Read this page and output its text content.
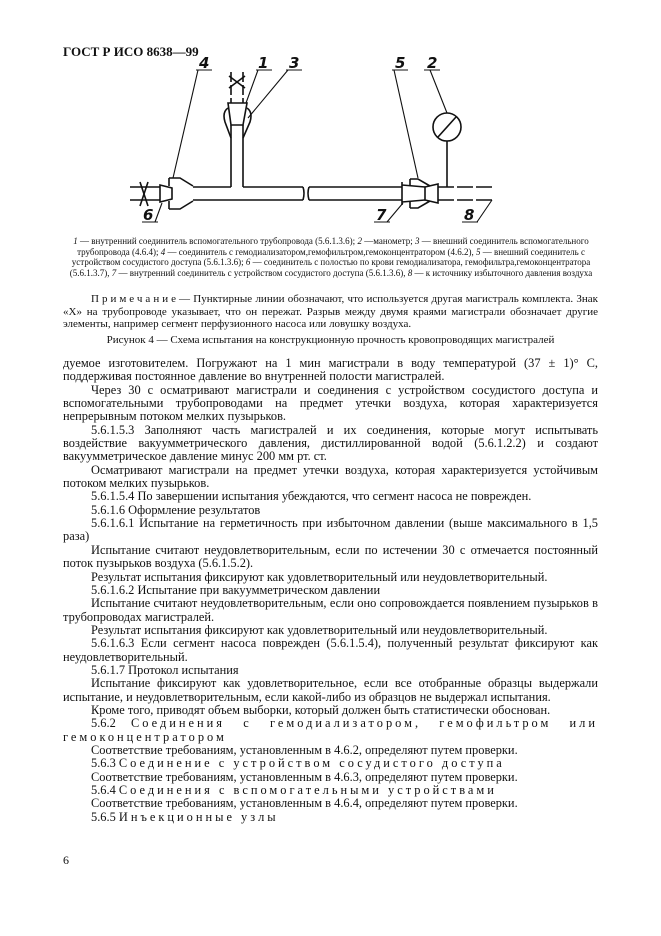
ГОСТ Р ИСО 8638—99
4	1 3	5 2
6	7	8
1 — внутренний соединитель вспомогательного трубопровода (5.6.1.3.6); 2 —манометр; 3 — внешний соединитель вспомогательного трубопровода (4.6.4); 4 — соединитель с гемодиализатором,гемофильтром,гемоконцентратором (4.6.2), 5 — внешний соединитель с устройством сосудистого доступа (5.6.1.3.6); 6 — соединитель с полостью по крови гемодиализатора, гемофильтра,гемоконцентратора (5.6.1.3.7), 7 — внутренний соединитель с устройством сосудистого доступа (5.6.1.3.6), 8 — к источнику избыточного давления воздуха

Примечание— Пунктирные линии обозначают, что используется другая магистраль комплекта. Знак «X» на трубопроводе указывает, что он пережат. Разрыв между двумя краями магистрали обозначает другие элементы, например сегмент перфузионного насоса или ловушку воздуха.

Рисунок 4 — Схема испытания на конструкционную прочность кровопроводящих магистралей

дуемое изготовителем. Погружают на 1 мин магистрали в воду температурой (37 ± 1)° С, поддерживая постоянное давление во внутренней полости магистралей.

Через 30 с осматривают магистрали и соединения с устройством сосудистого доступа и вспомогательными трубопроводами на предмет утечки воздуха, которая характеризуется непрерывным потоком мелких пузырьков.

5.6.1.5.3 Заполняют часть магистралей и их соединения, которые могут испытывать воздействие вакуумметрического давления, дистиллированной водой (5.6.1.2.2) и создают вакуумметрическое давление минус 200 мм рт. ст.

Осматривают магистрали на предмет утечки воздуха, которая характеризуется устойчивым потоком мелких пузырьков.

5.6.1.5.4 По завершении испытания убеждаются, что сегмент насоса не поврежден.

5.6.1.6 Оформление результатов

5.6.1.6.1 Испытание на герметичность при избыточном давлении (выше максимального в 1,5 раза)

Испытание считают неудовлетворительным, если по истечении 30 с отмечается постоянный поток пузырьков воздуха (5.6.1.5.2).

Результат испытания фиксируют как удовлетворительный или неудовлетворительный.

5.6.1.6.2 Испытание при вакуумметрическом давлении

Испытание считают неудовлетворительным, если оно сопровождается появлением пузырьков в трубопроводах магистралей.

Результат испытания фиксируют как удовлетворительный или неудовлетворительный.

5.6.1.6.3 Если сегмент насоса поврежден (5.6.1.5.4), полученный результат фиксируют как неудовлетворительный.

5.6.1.7 Протокол испытания

Испытание фиксируют как удовлетворительное, если все отобранные образцы выдержали испытание, и неудовлетворительным, если какой-либо из образцов не выдержал испытания.

Кроме того, приводят объем выборки, который должен быть статистически обоснован.

5.6.2 Соединения с гемодиализатором, гемофильтром или гемоконцентратором

Соответствие требованиям, установленным в 4.6.2, определяют путем проверки.

5.6.3 Соединение с устройством сосудистого доступа

Соответствие требованиям, установленным в 4.6.3, определяют путем проверки.

5.6.4 Соединения с вспомогательными устройствами

Соответствие требованиям, установленным в 4.6.4, определяют путем проверки.

5.6.5 Инъекционные узлы

6
